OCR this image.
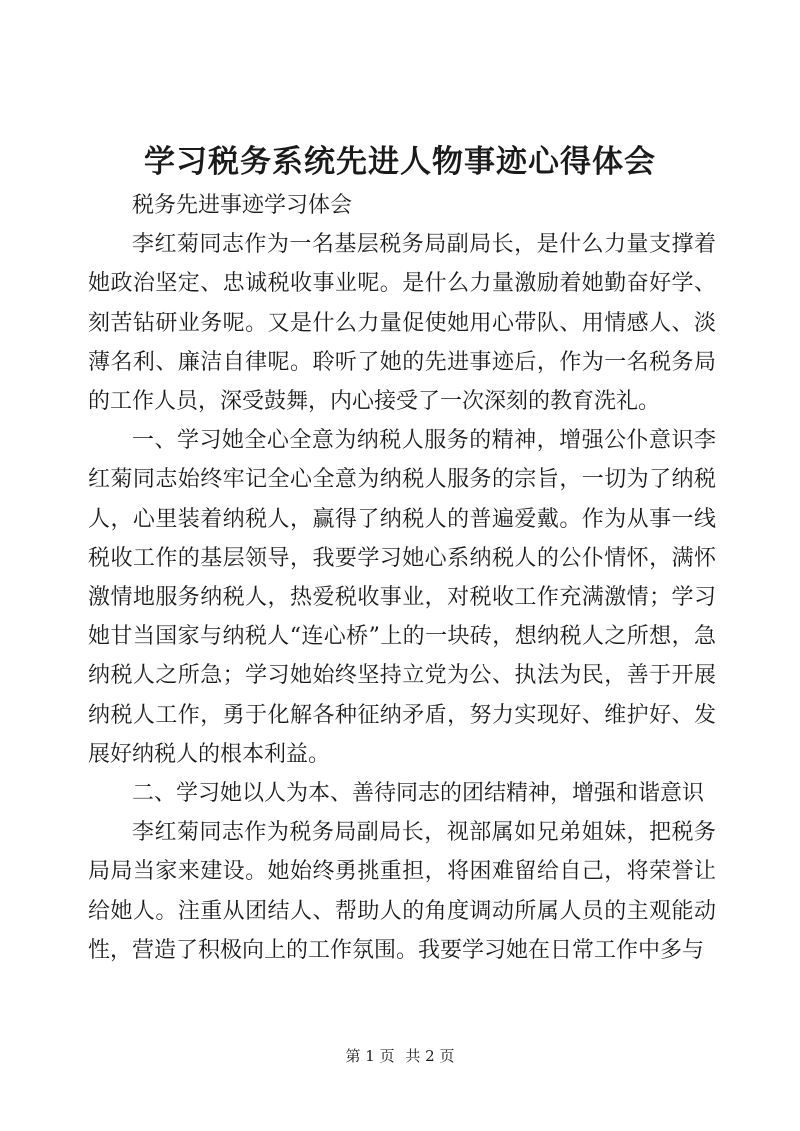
学习税务系统先进人物事迹心得体会

税务先进事迹学习体会

李红菊同志作为一名基层税务局副局长，是什么力量支撑着她政治坚定、忠诚税收事业呢。是什么力量激励着她勤奋好学、刻苦钻研业务呢。又是什么力量促使她用心带队、用情感人、淡薄名利、廉洁自律呢。聆听了她的先进事迹后，作为一名税务局的工作人员，深受鼓舞，内心接受了一次深刻的教育洗礼。

一、学习她全心全意为纳税人服务的精神，增强公仆意识李红菊同志始终牢记全心全意为纳税人服务的宗旨，一切为了纳税人，心里装着纳税人，赢得了纳税人的普遍爱戴。作为从事一线税收工作的基层领导，我要学习她心系纳税人的公仆情怀，满怀激情地服务纳税人，热爱税收事业，对税收工作充满激情；学习她甘当国家与纳税人“连心桥”上的一块砖，想纳税人之所想，急纳税人之所急；学习她始终坚持立党为公、执法为民，善于开展纳税人工作，勇于化解各种征纳矛盾，努力实现好、维护好、发展好纳税人的根本利益。

二、学习她以人为本、善待同志的团结精神，增强和谐意识

李红菊同志作为税务局副局长，视部属如兄弟姐妹，把税务局局当家来建设。她始终勇挑重担，将困难留给自己，将荣誉让给她人。注重从团结人、帮助人的角度调动所属人员的主观能动性，营造了积极向上的工作氛围。我要学习她在日常工作中多与

第 1 页 共 2 页
